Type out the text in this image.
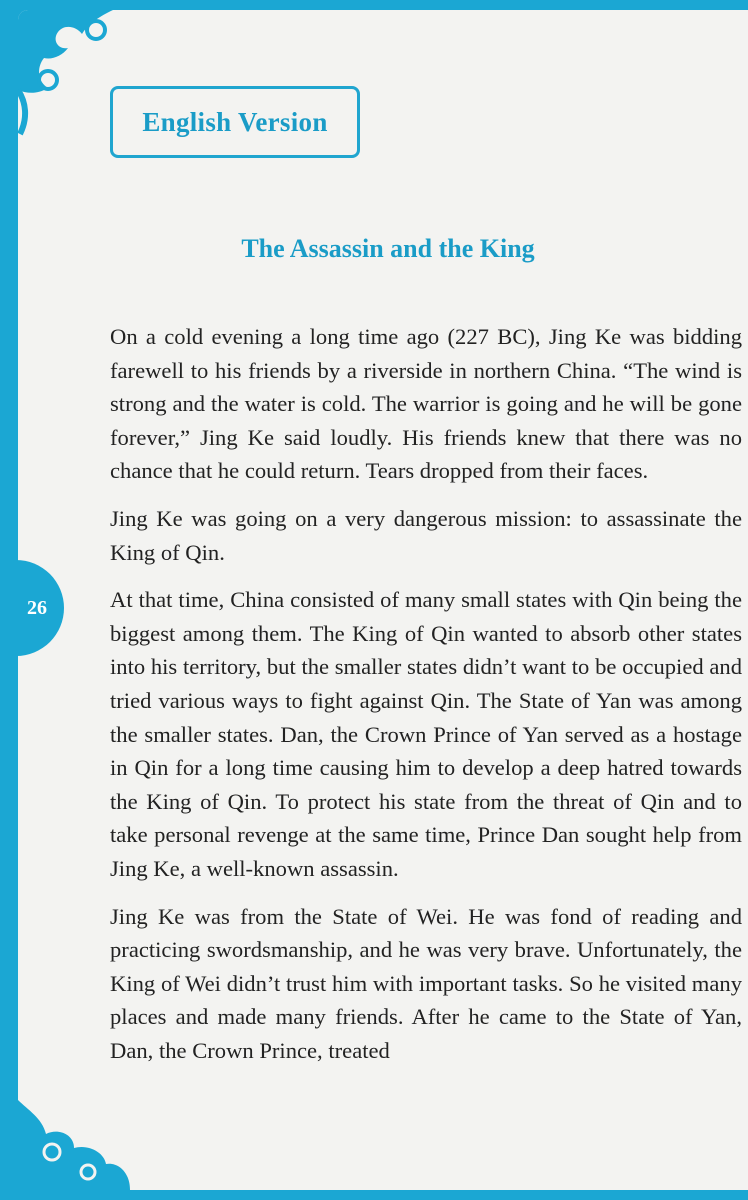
English Version
The Assassin and the King

On a cold evening a long time ago (227 BC), Jing Ke was bidding farewell to his friends by a riverside in northern China. “The wind is strong and the water is cold. The warrior is going and he will be gone forever,” Jing Ke said loudly. His friends knew that there was no chance that he could return. Tears dropped from their faces.

Jing Ke was going on a very dangerous mission: to assassinate the King of Qin.

At that time, China consisted of many small states with Qin being the biggest among them. The King of Qin wanted to absorb other states into his territory, but the smaller states didn’t want to be occupied and tried various ways to fight against Qin. The State of Yan was among the smaller states. Dan, the Crown Prince of Yan served as a hostage in Qin for a long time causing him to develop a deep hatred towards the King of Qin. To protect his state from the threat of Qin and to take personal revenge at the same time, Prince Dan sought help from Jing Ke, a well-known assassin.

Jing Ke was from the State of Wei. He was fond of reading and practicing swordsmanship, and he was very brave. Unfortunately, the King of Wei didn’t trust him with important tasks. So he visited many places and made many friends. After he came to the State of Yan, Dan, the Crown Prince, treated

26
